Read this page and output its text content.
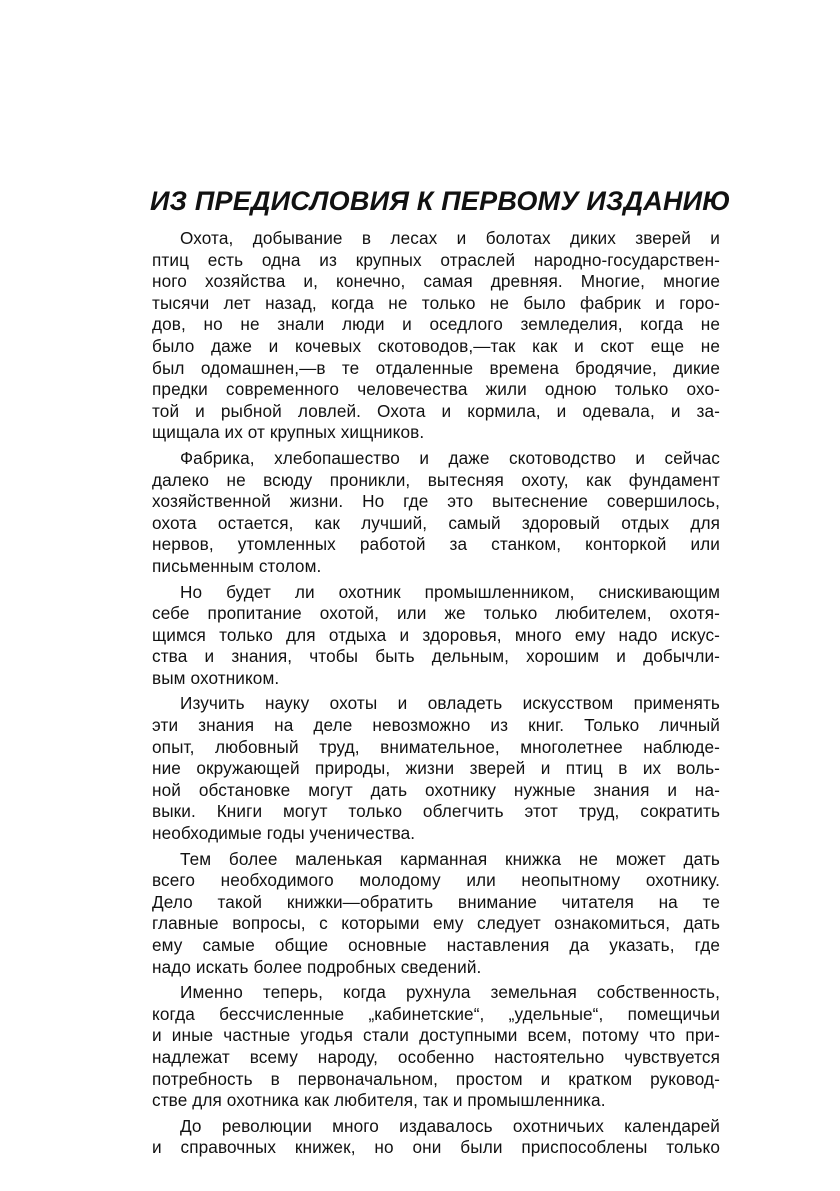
ИЗ ПРЕДИСЛОВИЯ К ПЕРВОМУ ИЗДАНИЮ
Охота, добывание в лесах и болотах диких зверей и
птиц есть одна из крупных отраслей народно-государствен-
ного хозяйства и, конечно, самая древняя. Многие, многие
тысячи лет назад, когда не только не было фабрик и горо-
дов, но не знали люди и оседлого земледелия, когда не
было даже и кочевых скотоводов,—так как и скот еще не
был одомашнен,—в те отдаленные времена бродячие, дикие
предки современного человечества жили одною только охо-
той и рыбной ловлей. Охота и кормила, и одевала, и за-
щищала их от крупных хищников.
Фабрика, хлебопашество и даже скотоводство и сейчас
далеко не всюду проникли, вытесняя охоту, как фундамент
хозяйственной жизни. Но где это вытеснение совершилось,
охота остается, как лучший, самый здоровый отдых для
нервов, утомленных работой за станком, конторкой или
письменным столом.
Но будет ли охотник промышленником, снискивающим
себе пропитание охотой, или же только любителем, охотя-
щимся только для отдыха и здоровья, много ему надо искус-
ства и знания, чтобы быть дельным, хорошим и добычли-
вым охотником.
Изучить науку охоты и овладеть искусством применять
эти знания на деле невозможно из книг. Только личный
опыт, любовный труд, внимательное, многолетнее наблюде-
ние окружающей природы, жизни зверей и птиц в их воль-
ной обстановке могут дать охотнику нужные знания и на-
выки. Книги могут только облегчить этот труд, сократить
необходимые годы ученичества.
Тем более маленькая карманная книжка не может дать
всего необходимого молодому или неопытному охотнику.
Дело такой книжки—обратить внимание читателя на те
главные вопросы, с которыми ему следует ознакомиться, дать
ему самые общие основные наставления да указать, где
надо искать более подробных сведений.
Именно теперь, когда рухнула земельная собственность,
когда бессчисленные „кабинетские“, „удельные“, помещичьи
и иные частные угодья стали доступными всем, потому что при-
надлежат всему народу, особенно настоятельно чувствуется
потребность в первоначальном, простом и кратком руковод-
стве для охотника как любителя, так и промышленника.
До революции много издавалось охотничьих календарей
и справочных книжек, но они были приспособлены только
